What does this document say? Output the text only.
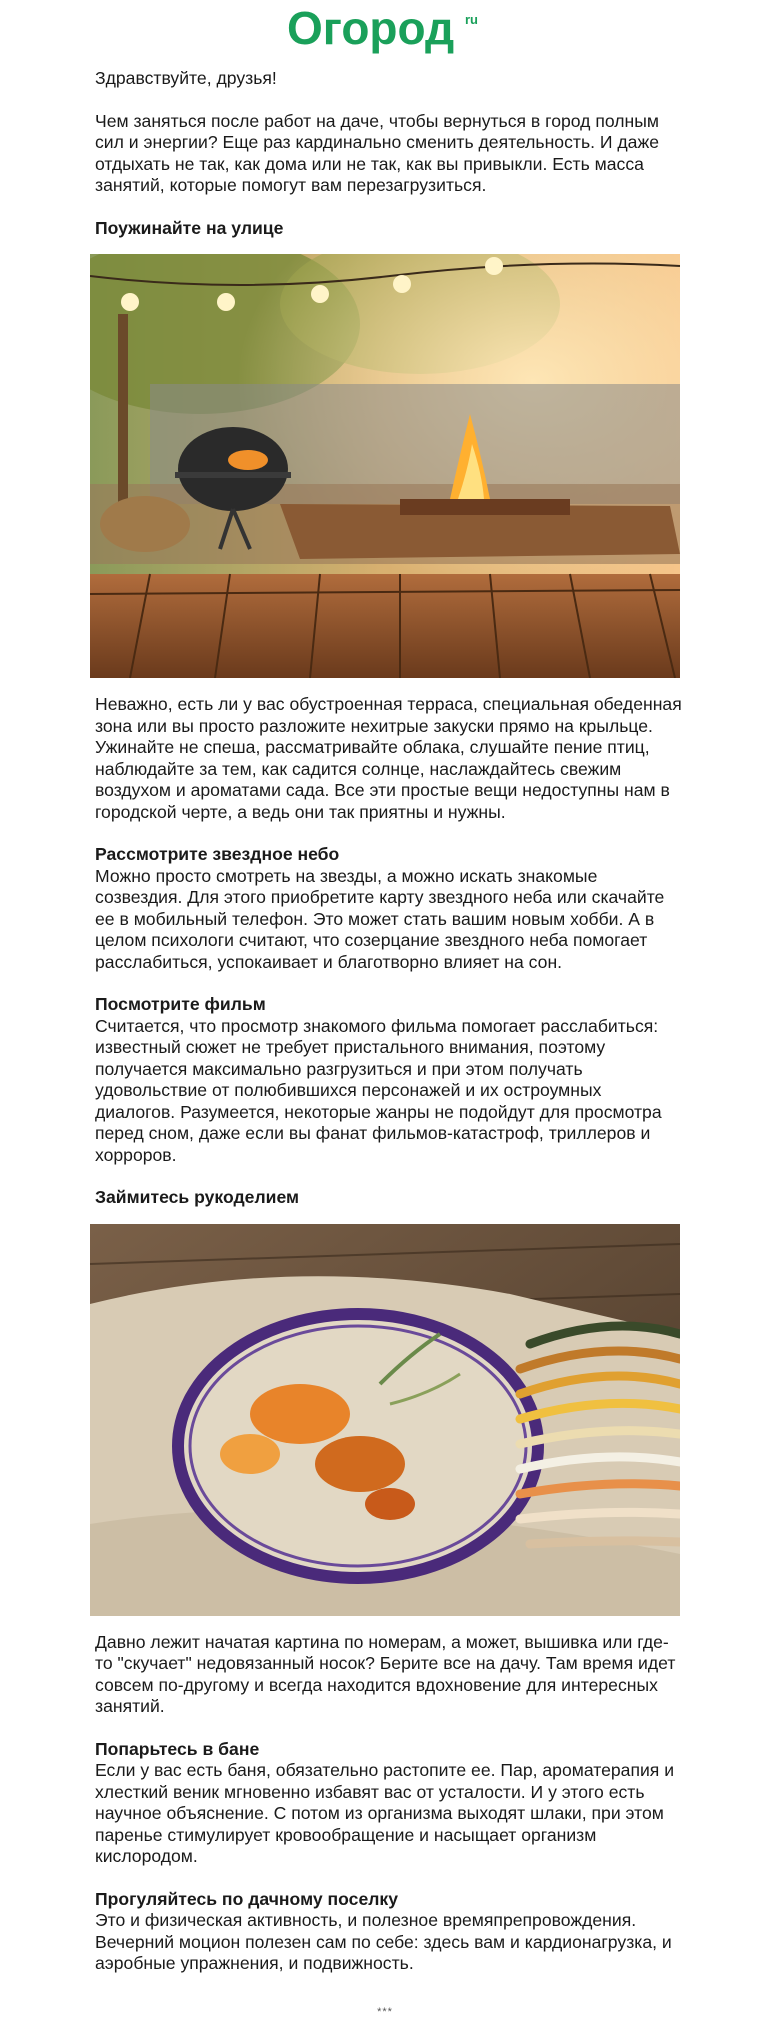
Огород ru

Здравствуйте, друзья!

Чем заняться после работ на даче, чтобы вернуться в город полным сил и энергии? Еще раз кардинально сменить деятельность. И даже отдыхать не так, как дома или не так, как вы привыкли. Есть масса занятий, которые помогут вам перезагрузиться.

Поужинайте на улице

Неважно, есть ли у вас обустроенная терраса, специальная обеденная зона или вы просто разложите нехитрые закуски прямо на крыльце. Ужинайте не спеша, рассматривайте облака, слушайте пение птиц, наблюдайте за тем, как садится солнце, наслаждайтесь свежим воздухом и ароматами сада. Все эти простые вещи недоступны нам в городской черте, а ведь они так приятны и нужны.

Рассмотрите звездное небо

Можно просто смотреть на звезды, а можно искать знакомые созвездия. Для этого приобретите карту звездного неба или скачайте ее в мобильный телефон. Это может стать вашим новым хобби. А в целом психологи считают, что созерцание звездного неба помогает расслабиться, успокаивает и благотворно влияет на сон.

Посмотрите фильм

Считается, что просмотр знакомого фильма помогает расслабиться: известный сюжет не требует пристального внимания, поэтому получается максимально разгрузиться и при этом получать удовольствие от полюбившихся персонажей и их остроумных диалогов. Разумеется, некоторые жанры не подойдут для просмотра перед сном, даже если вы фанат фильмов-катастроф, триллеров и хорроров.

Займитесь рукоделием

Давно лежит начатая картина по номерам, а может, вышивка или где-то "скучает" недовязанный носок? Берите все на дачу. Там время идет совсем по-другому и всегда находится вдохновение для интересных занятий.

Попарьтесь в бане

Если у вас есть баня, обязательно растопите ее. Пар, ароматерапия и хлесткий веник мгновенно избавят вас от усталости. И у этого есть научное объяснение. С потом из организма выходят шлаки, при этом паренье стимулирует кровообращение и насыщает организм кислородом.

Прогуляйтесь по дачному поселку

Это и физическая активность, и полезное времяпрепровождения. Вечерний моцион полезен сам по себе: здесь вам и кардионагрузка, и аэробные упражнения, и подвижность.

***
